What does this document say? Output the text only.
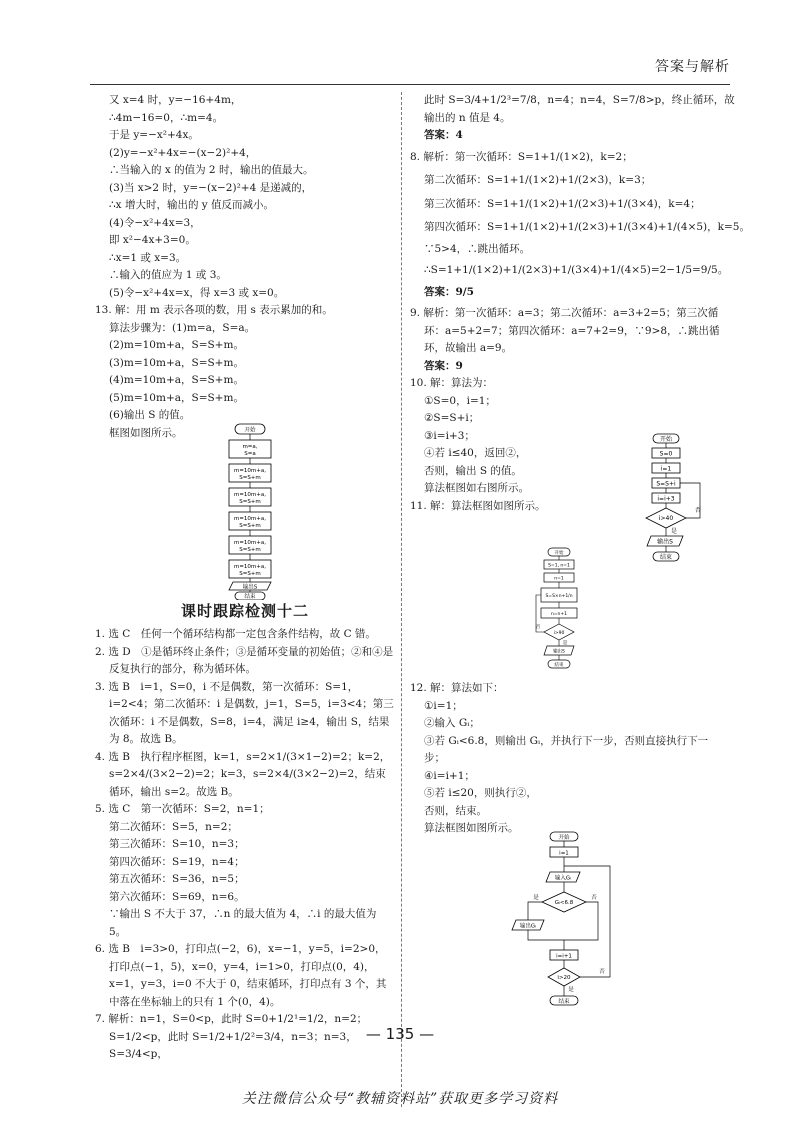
答案与解析

又 x=4 时，y=−16+4m，

∴4m−16=0，∴m=4。

于是 y=−x²+4x。

(2)y=−x²+4x=−(x−2)²+4，

∴当输入的 x 的值为 2 时，输出的值最大。

(3)当 x>2 时，y=−(x−2)²+4 是递减的，

∴x 增大时，输出的 y 值反而减小。

(4)令−x²+4x=3，

即 x²−4x+3=0。

∴x=1 或 x=3。

∴输入的值应为 1 或 3。

(5)令−x²+4x=x，得 x=3 或 x=0。

13. 解：用 m 表示各项的数，用 s 表示累加的和。

算法步骤为：(1)m=a，S=a。

(2)m=10m+a，S=S+m。

(3)m=10m+a，S=S+m。

(4)m=10m+a，S=S+m。

(5)m=10m+a，S=S+m。

(6)输出 S 的值。

框图如图所示。	开始
m=a,
S=a
m=10m+a,
S=S+m
m=10m+a,
S=S+m
m=10m+a,
S=S+m
m=10m+a,
S=S+m
m=10m+a,
S=S+m
输出S
结束
课时跟踪检测十二

1. 选 C　任何一个循环结构都一定包含条件结构，故 C 错。

2. 选 D　①是循环终止条件；③是循环变量的初始值；②和④是反复执行的部分，称为循环体。

3. 选 B　i=1，S=0，i 不是偶数，第一次循环：S=1，i=2<4；第二次循环：i 是偶数，j=1，S=5，i=3<4；第三次循环：i 不是偶数，S=8，i=4，满足 i≥4，输出 S，结果为 8。故选 B。

4. 选 B　执行程序框图，k=1，s=2×1/(3×1−2)=2；k=2，s=2×4/(3×2−2)=2；k=3，s=2×4/(3×2−2)=2，结束循环，输出 s=2。故选 B。

5. 选 C　第一次循环：S=2，n=1；

第二次循环：S=5，n=2；

第三次循环：S=10，n=3；

第四次循环：S=19，n=4；

第五次循环：S=36，n=5；

第六次循环：S=69，n=6。

∵输出 S 不大于 37，∴n 的最大值为 4，∴i 的最大值为 5。

6. 选 B　i=3>0，打印点(−2，6)，x=−1，y=5，i=2>0，打印点(−1，5)，x=0，y=4，i=1>0，打印点(0，4)，x=1，y=3，i=0 不大于 0，结束循环，打印点有 3 个，其中落在坐标轴上的只有 1 个(0，4)。

7. 解析：n=1，S=0<p，此时 S=0+1/2¹=1/2，n=2；S=1/2<p，此时 S=1/2+1/2²=3/4，n=3；n=3，S=3/4<p，

此时 S=3/4+1/2³=7/8，n=4；n=4，S=7/8>p，终止循环，故

输出的 n 值是 4。

答案：4

8. 解析：第一次循环：S=1+1/(1×2)，k=2；

第二次循环：S=1+1/(1×2)+1/(2×3)，k=3；

第三次循环：S=1+1/(1×2)+1/(2×3)+1/(3×4)，k=4；

第四次循环：S=1+1/(1×2)+1/(2×3)+1/(3×4)+1/(4×5)，k=5。

∵5>4，∴跳出循环。

∴S=1+1/(1×2)+1/(2×3)+1/(3×4)+1/(4×5)=2−1/5=9/5。

答案：9/5

9. 解析：第一次循环：a=3；第二次循环：a=3+2=5；第三次循环：a=5+2=7；第四次循环：a=7+2=9，∵9>8，∴跳出循环，故输出 a=9。

答案：9

10. 解：算法为：

①S=0，i=1；

②S=S+i；

③i=i+3；

④若 i≤40，返回②，

否则，输出 S 的值。

算法框图如右图所示。

11. 解：算法框图如图所示。

开始
S=0
i=1
S=S+i
i=i+3
i>40
否
是
输出S
结束
开始
S=1, n=1
n=1
S=S×n+1/n
n=n+1
i>90
否
是
输出S
结束

12. 解：算法如下：

①i=1；

②输入 Gᵢ；

③若 Gᵢ<6.8，则输出 Gᵢ，并执行下一步，否则直接执行下一步；

④i=i+1；

⑤若 i≤20，则执行②，

否则，结束。

算法框图如图所示。

开始
i=1
输入Gᵢ
Gᵢ<6.8
是
输出Gᵢ
否
i=i+1
i>20
否
是
结束
— 135 —
关注微信公众号“教辅资料站”获取更多学习资料
